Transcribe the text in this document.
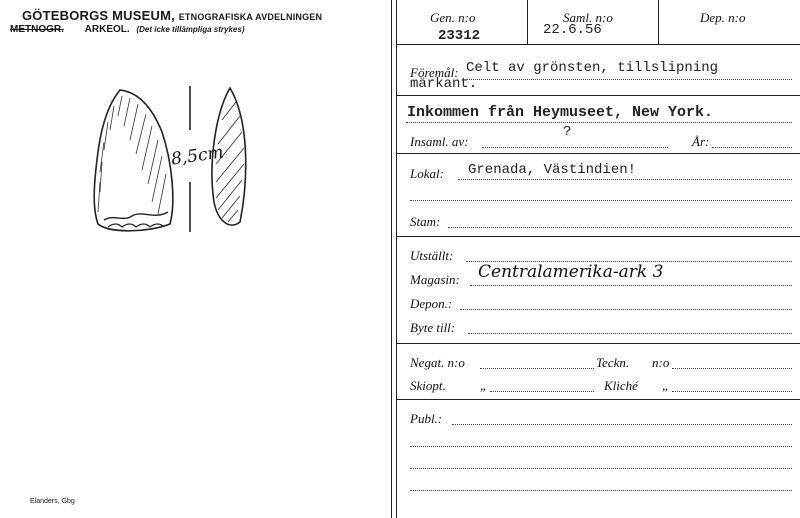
GÖTEBORGS MUSEUM, ETNOGRAFISKA AVDELNINGEN
METNOGR. ARKEOL. (Det icke tillämpliga strykes)
8,5cm
Elanders, Gbg
Gen. n:o
23312
Saml. n:o
22.6.56
Dep. n:o
Föremål: Celt av grönsten, tillslipning
märkant.
Inkommen från Heymuseet, New York.
Insaml. av:
?
År:
Lokal: Grenada, Västindien!
Stam:
Utställt:
Magasin: Centralamerika-ark 3
Depon.:
Byte till:
Negat. n:o	Teckn. n:o
Skiopt.	„	Kliché „
Publ.:
